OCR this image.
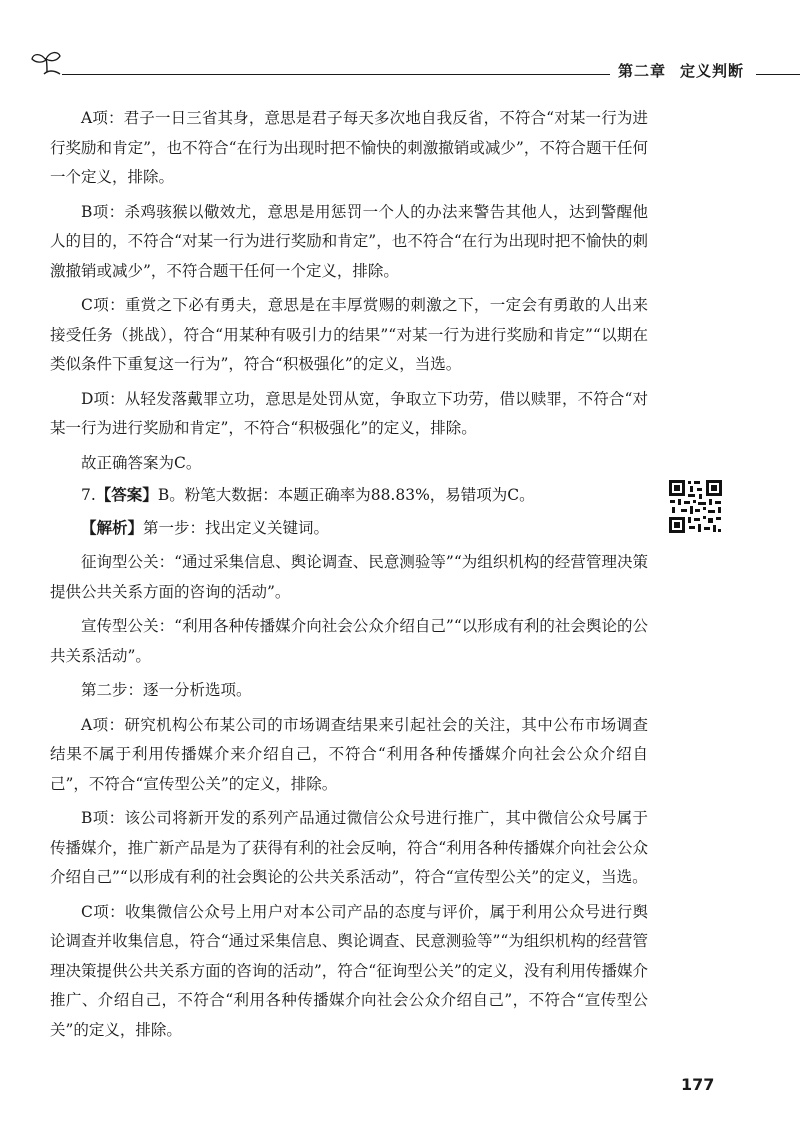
第二章 定义判断

A项：君子一日三省其身，意思是君子每天多次地自我反省，不符合“对某一行为进行奖励和肯定”，也不符合“在行为出现时把不愉快的刺激撤销或减少”，不符合题干任何一个定义，排除。

B项：杀鸡骇猴以儆效尤，意思是用惩罚一个人的办法来警告其他人，达到警醒他人的目的，不符合“对某一行为进行奖励和肯定”，也不符合“在行为出现时把不愉快的刺激撤销或减少”，不符合题干任何一个定义，排除。

C项：重赏之下必有勇夫，意思是在丰厚赏赐的刺激之下，一定会有勇敢的人出来接受任务（挑战），符合“用某种有吸引力的结果”“对某一行为进行奖励和肯定”“以期在类似条件下重复这一行为”，符合“积极强化”的定义，当选。

D项：从轻发落戴罪立功，意思是处罚从宽，争取立下功劳，借以赎罪，不符合“对某一行为进行奖励和肯定”，不符合“积极强化”的定义，排除。

故正确答案为C。

7.【答案】B。粉笔大数据：本题正确率为88.83%，易错项为C。

【解析】第一步：找出定义关键词。

征询型公关：“通过采集信息、舆论调查、民意测验等”“为组织机构的经营管理决策提供公共关系方面的咨询的活动”。

宣传型公关：“利用各种传播媒介向社会公众介绍自己”“以形成有利的社会舆论的公共关系活动”。

第二步：逐一分析选项。

A项：研究机构公布某公司的市场调查结果来引起社会的关注，其中公布市场调查结果不属于利用传播媒介来介绍自己，不符合“利用各种传播媒介向社会公众介绍自己”，不符合“宣传型公关”的定义，排除。

B项：该公司将新开发的系列产品通过微信公众号进行推广，其中微信公众号属于传播媒介，推广新产品是为了获得有利的社会反响，符合“利用各种传播媒介向社会公众介绍自己”“以形成有利的社会舆论的公共关系活动”，符合“宣传型公关”的定义，当选。

C项：收集微信公众号上用户对本公司产品的态度与评价，属于利用公众号进行舆论调查并收集信息，符合“通过采集信息、舆论调查、民意测验等”“为组织机构的经营管理决策提供公共关系方面的咨询的活动”，符合“征询型公关”的定义，没有利用传播媒介推广、介绍自己，不符合“利用各种传播媒介向社会公众介绍自己”，不符合“宣传型公关”的定义，排除。

177
